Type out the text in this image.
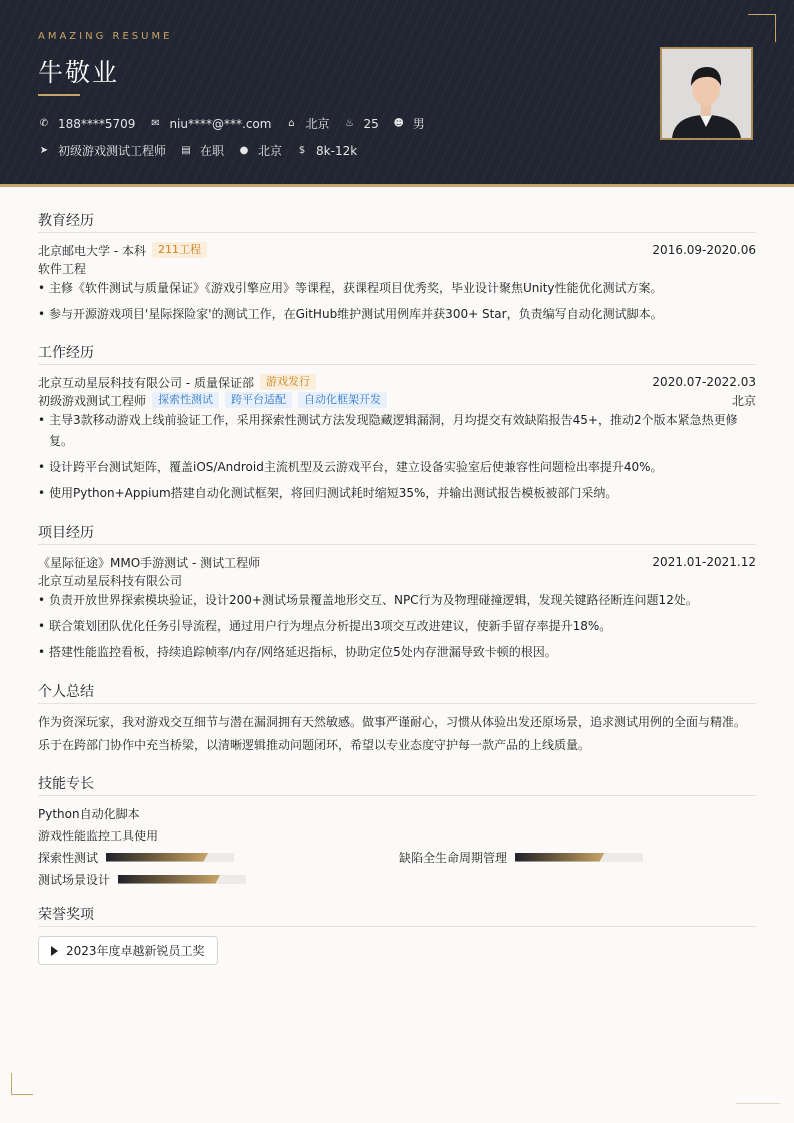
AMAZING RESUME
牛敬业
✆ 188****5709 ✉ niu****@***.com ⌂ 北京 ♨ 25 ☻ 男
➤ 初级游戏测试工程师 ▤ 在职 ● 北京 $ 8k-12k
教育经历
北京邮电大学 - 本科	211工程	2016.09-2020.06
软件工程
• 主修《软件测试与质量保证》《游戏引擎应用》等课程，获课程项目优秀奖，毕业设计聚焦Unity性能优化测试方案。
• 参与开源游戏项目'星际探险家'的测试工作，在GitHub维护测试用例库并获300+ Star，负责编写自动化测试脚本。
工作经历
北京互动星辰科技有限公司 - 质量保证部	游戏发行	2020.07-2022.03
初级游戏测试工程师	探索性测试	跨平台适配	自动化框架开发	北京
• 主导3款移动游戏上线前验证工作，采用探索性测试方法发现隐藏逻辑漏洞，月均提交有效缺陷报告45+，推动2个版本紧急热更修复。
• 设计跨平台测试矩阵，覆盖iOS/Android主流机型及云游戏平台，建立设备实验室后使兼容性问题检出率提升40%。
• 使用Python+Appium搭建自动化测试框架，将回归测试耗时缩短35%，并输出测试报告模板被部门采纳。
项目经历
《星际征途》MMO手游测试 - 测试工程师	2021.01-2021.12
北京互动星辰科技有限公司
• 负责开放世界探索模块验证，设计200+测试场景覆盖地形交互、NPC行为及物理碰撞逻辑，发现关键路径断连问题12处。
• 联合策划团队优化任务引导流程，通过用户行为埋点分析提出3项交互改进建议，使新手留存率提升18%。
• 搭建性能监控看板，持续追踪帧率/内存/网络延迟指标，协助定位5处内存泄漏导致卡顿的根因。
个人总结
作为资深玩家，我对游戏交互细节与潜在漏洞拥有天然敏感。做事严谨耐心，习惯从体验出发还原场景，追求测试用例的全面与精准。
乐于在跨部门协作中充当桥梁，以清晰逻辑推动问题闭环，希望以专业态度守护每一款产品的上线质量。
技能专长
Python自动化脚本
游戏性能监控工具使用
探索性测试	缺陷全生命周期管理
测试场景设计
荣誉奖项
2023年度卓越新锐员工奖
